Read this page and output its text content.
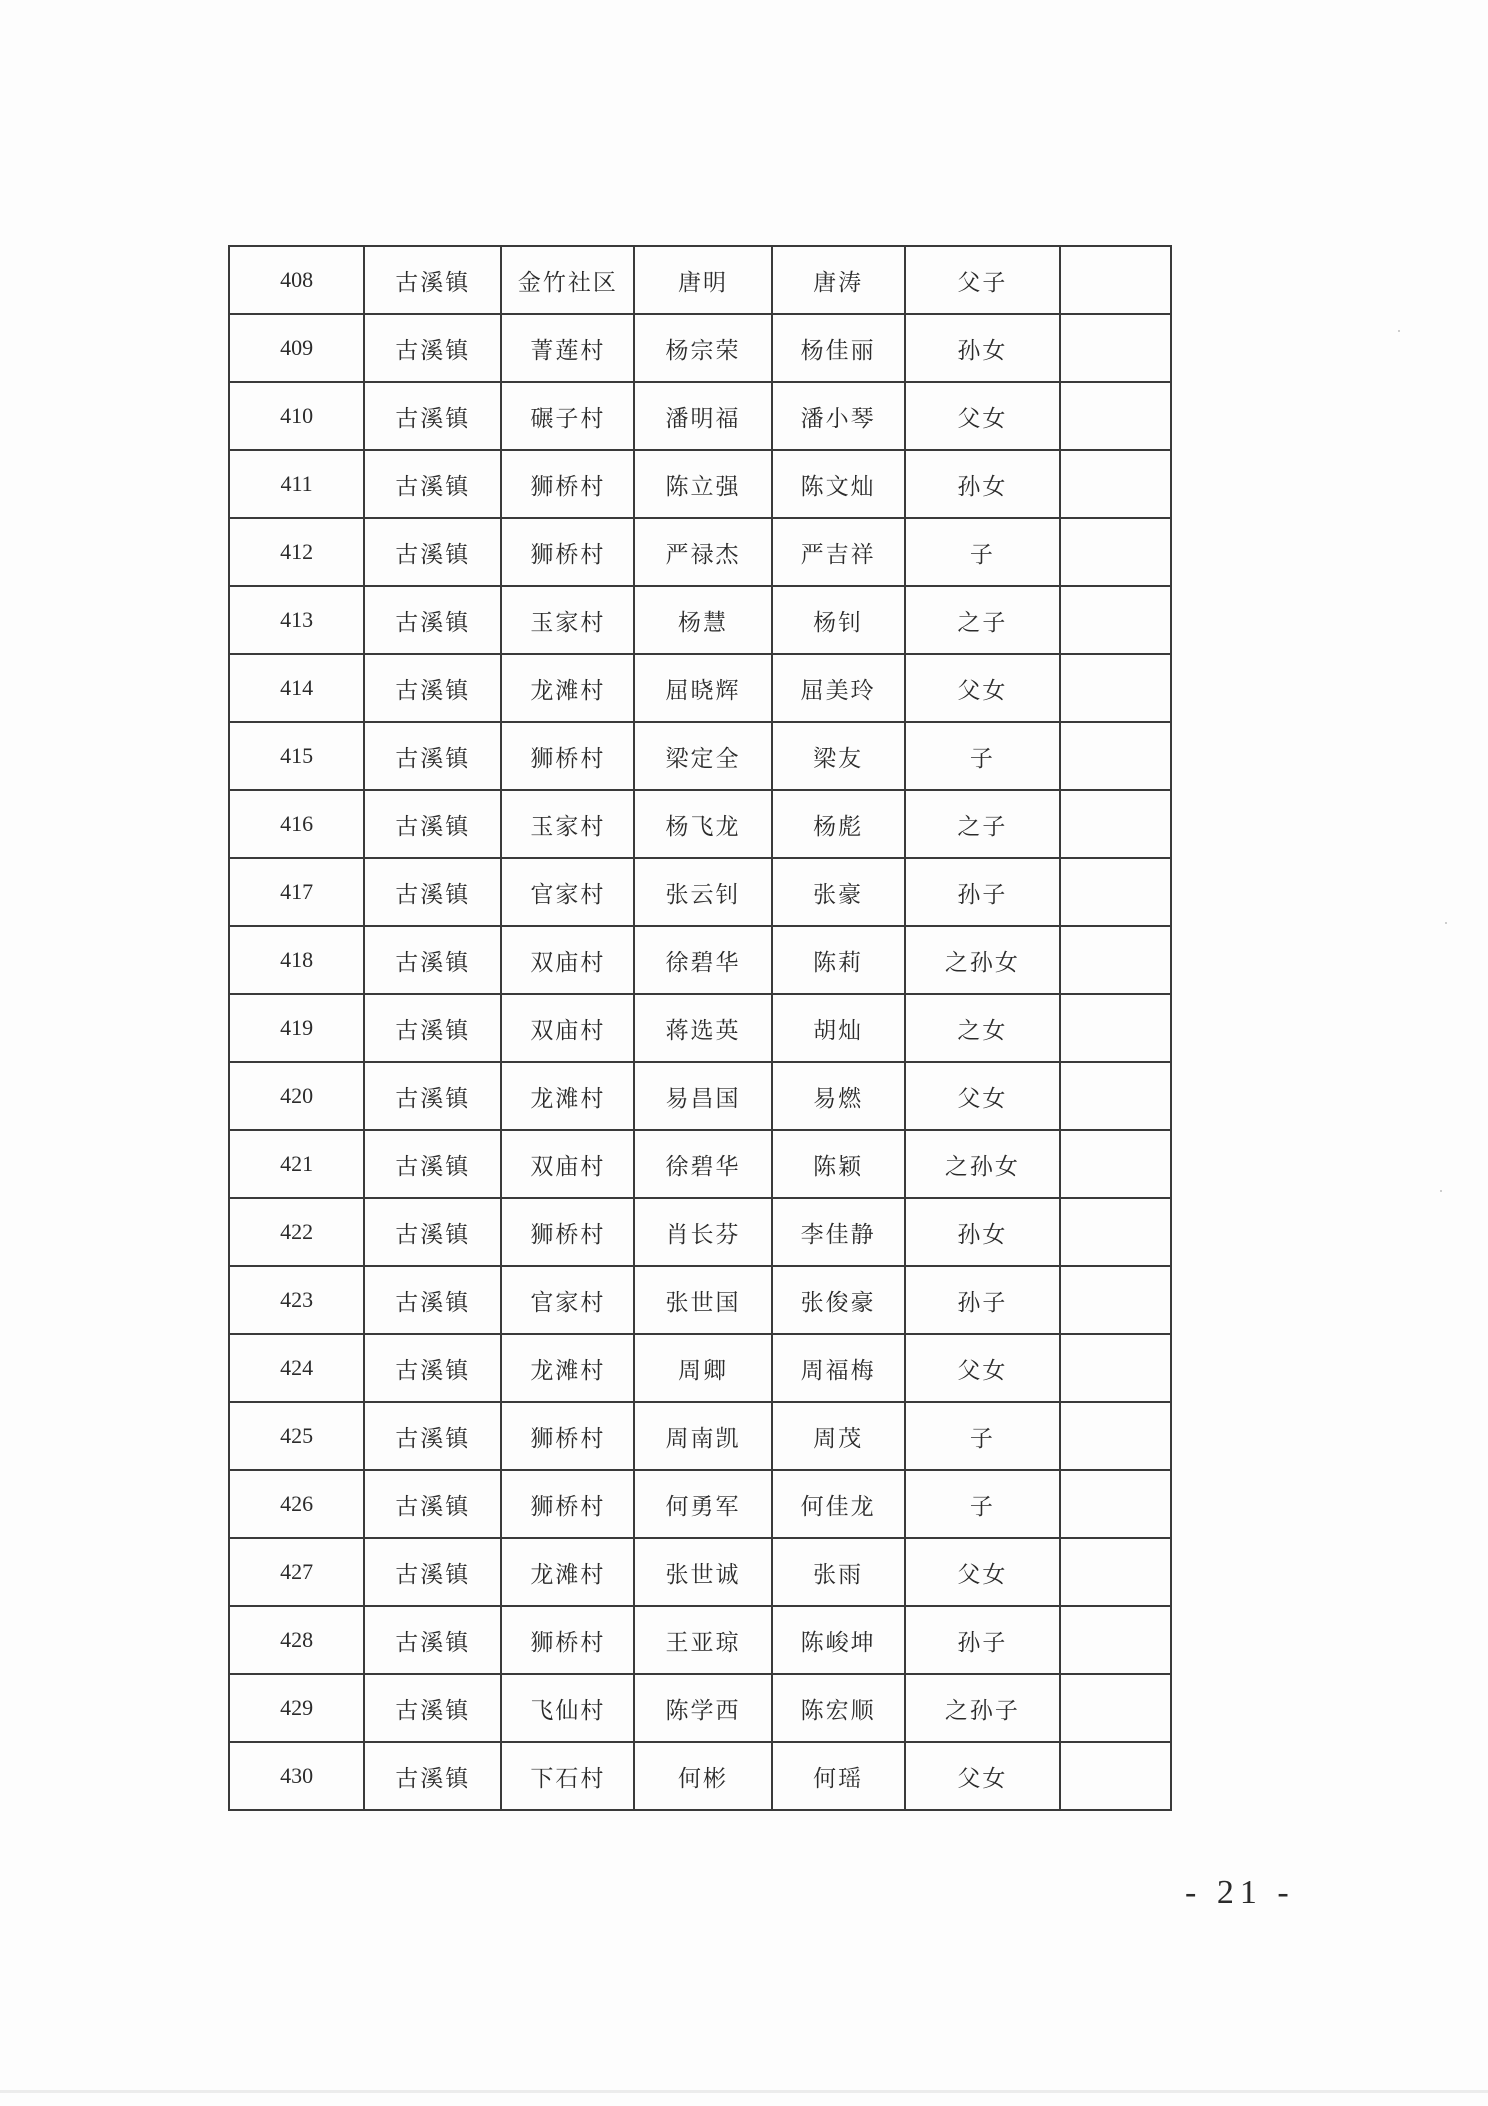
408	古溪镇	金竹社区	唐明	唐涛	父子	
409	古溪镇	菁莲村	杨宗荣	杨佳丽	孙女	
410	古溪镇	碾子村	潘明福	潘小琴	父女	
411	古溪镇	狮桥村	陈立强	陈文灿	孙女	
412	古溪镇	狮桥村	严禄杰	严吉祥	子	
413	古溪镇	玉家村	杨慧	杨钊	之子	
414	古溪镇	龙滩村	屈晓辉	屈美玲	父女	
415	古溪镇	狮桥村	梁定全	梁友	子	
416	古溪镇	玉家村	杨飞龙	杨彪	之子	
417	古溪镇	官家村	张云钊	张豪	孙子	
418	古溪镇	双庙村	徐碧华	陈莉	之孙女	
419	古溪镇	双庙村	蒋选英	胡灿	之女	
420	古溪镇	龙滩村	易昌国	易燃	父女	
421	古溪镇	双庙村	徐碧华	陈颖	之孙女	
422	古溪镇	狮桥村	肖长芬	李佳静	孙女	
423	古溪镇	官家村	张世国	张俊豪	孙子	
424	古溪镇	龙滩村	周卿	周福梅	父女	
425	古溪镇	狮桥村	周南凯	周茂	子	
426	古溪镇	狮桥村	何勇军	何佳龙	子	
427	古溪镇	龙滩村	张世诚	张雨	父女	
428	古溪镇	狮桥村	王亚琼	陈峻坤	孙子	
429	古溪镇	飞仙村	陈学西	陈宏顺	之孙子	
430	古溪镇	下石村	何彬	何瑶	父女	
- 21 -
